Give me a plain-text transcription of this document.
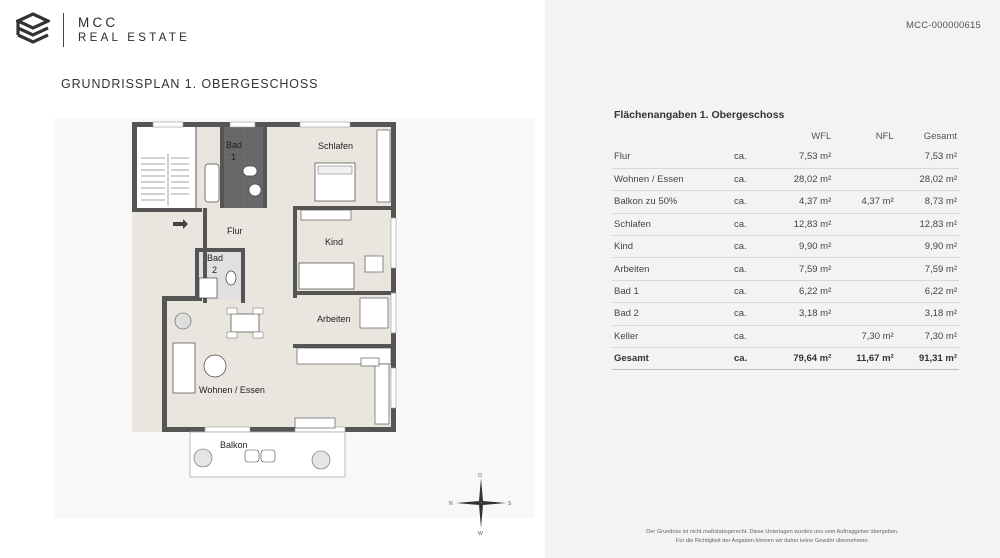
MCC
REAL ESTATE
GRUNDRISSPLAN 1. OBERGESCHOSS
Bad
1
Schlafen
Flur
Kind
Bad
2
Arbeiten
Wohnen / Essen
Balkon
O
W
N	S
MCC-000000615
Flächenangaben 1. Obergeschoss
		WFL	NFL	Gesamt
Flur	ca.	7,53 m²		7,53 m²
Wohnen / Essen	ca.	28,02 m²		28,02 m²
Balkon zu 50%	ca.	4,37 m²	4,37 m²	8,73 m²
Schlafen	ca.	12,83 m²		12,83 m²
Kind	ca.	9,90 m²		9,90 m²
Arbeiten	ca.	7,59 m²		7,59 m²
Bad 1	ca.	6,22 m²		6,22 m²
Bad 2	ca.	3,18 m²		3,18 m²
Keller	ca.		7,30 m²	7,30 m²
Gesamt	ca.	79,64 m²	11,67 m²	91,31 m²
Der Grundriss ist nicht maßstabsgerecht. Diese Unterlagen wurden uns vom Auftraggeber übergeben.
Für die Richtigkeit der Angaben können wir daher keine Gewähr übernehmen.
